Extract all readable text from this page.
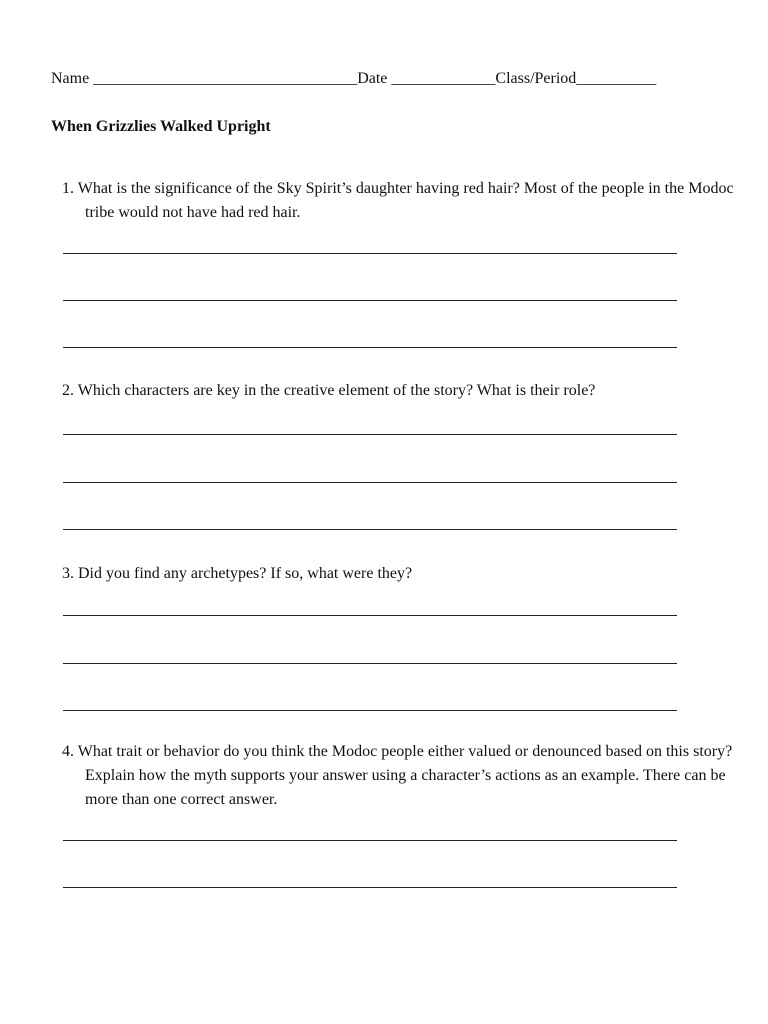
Name _________________________________Date _____________Class/Period__________
When Grizzlies Walked Upright
1. What is the significance of the Sky Spirit’s daughter having red hair? Most of the people in the Modoc tribe would not have had red hair.
2. Which characters are key in the creative element of the story? What is their role?
3. Did you find any archetypes? If so, what were they?
4. What trait or behavior do you think the Modoc people either valued or denounced based on this story? Explain how the myth supports your answer using a character’s actions as an example. There can be more than one correct answer.
